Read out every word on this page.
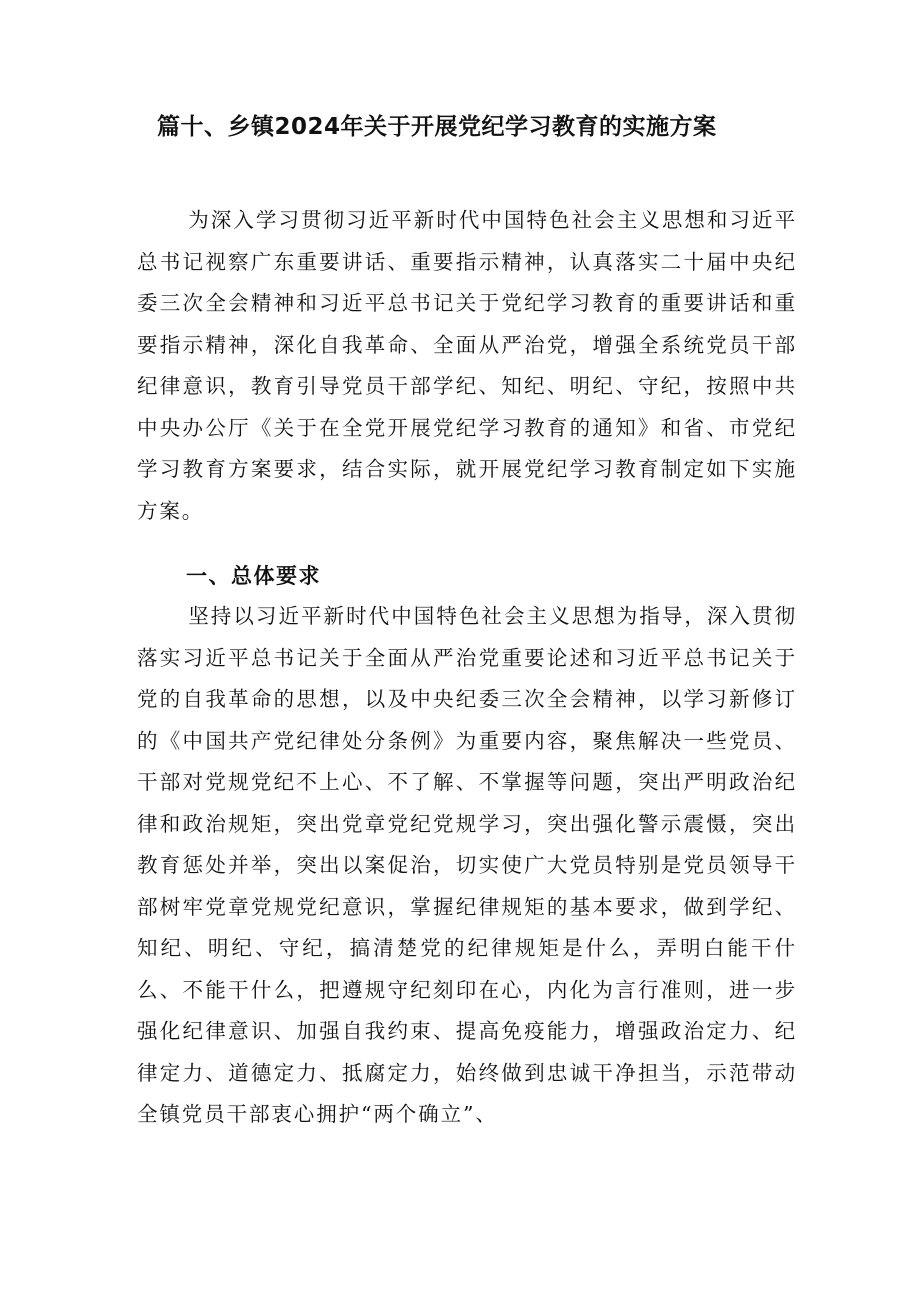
篇十、乡镇2024年关于开展党纪学习教育的实施方案

为深入学习贯彻习近平新时代中国特色社会主义思想和习近平总书记视察广东重要讲话、重要指示精神，认真落实二十届中央纪委三次全会精神和习近平总书记关于党纪学习教育的重要讲话和重要指示精神，深化自我革命、全面从严治党，增强全系统党员干部纪律意识，教育引导党员干部学纪、知纪、明纪、守纪，按照中共中央办公厅《关于在全党开展党纪学习教育的通知》和省、市党纪学习教育方案要求，结合实际，就开展党纪学习教育制定如下实施方案。

一、总体要求

坚持以习近平新时代中国特色社会主义思想为指导，深入贯彻落实习近平总书记关于全面从严治党重要论述和习近平总书记关于党的自我革命的思想，以及中央纪委三次全会精神，以学习新修订的《中国共产党纪律处分条例》为重要内容，聚焦解决一些党员、干部对党规党纪不上心、不了解、不掌握等问题，突出严明政治纪律和政治规矩，突出党章党纪党规学习，突出强化警示震慑，突出教育惩处并举，突出以案促治，切实使广大党员特别是党员领导干部树牢党章党规党纪意识，掌握纪律规矩的基本要求，做到学纪、知纪、明纪、守纪，搞清楚党的纪律规矩是什么，弄明白能干什么、不能干什么，把遵规守纪刻印在心，内化为言行准则，进一步强化纪律意识、加强自我约束、提高免疫能力，增强政治定力、纪律定力、道德定力、抵腐定力，始终做到忠诚干净担当，示范带动全镇党员干部衷心拥护“两个确立”、
